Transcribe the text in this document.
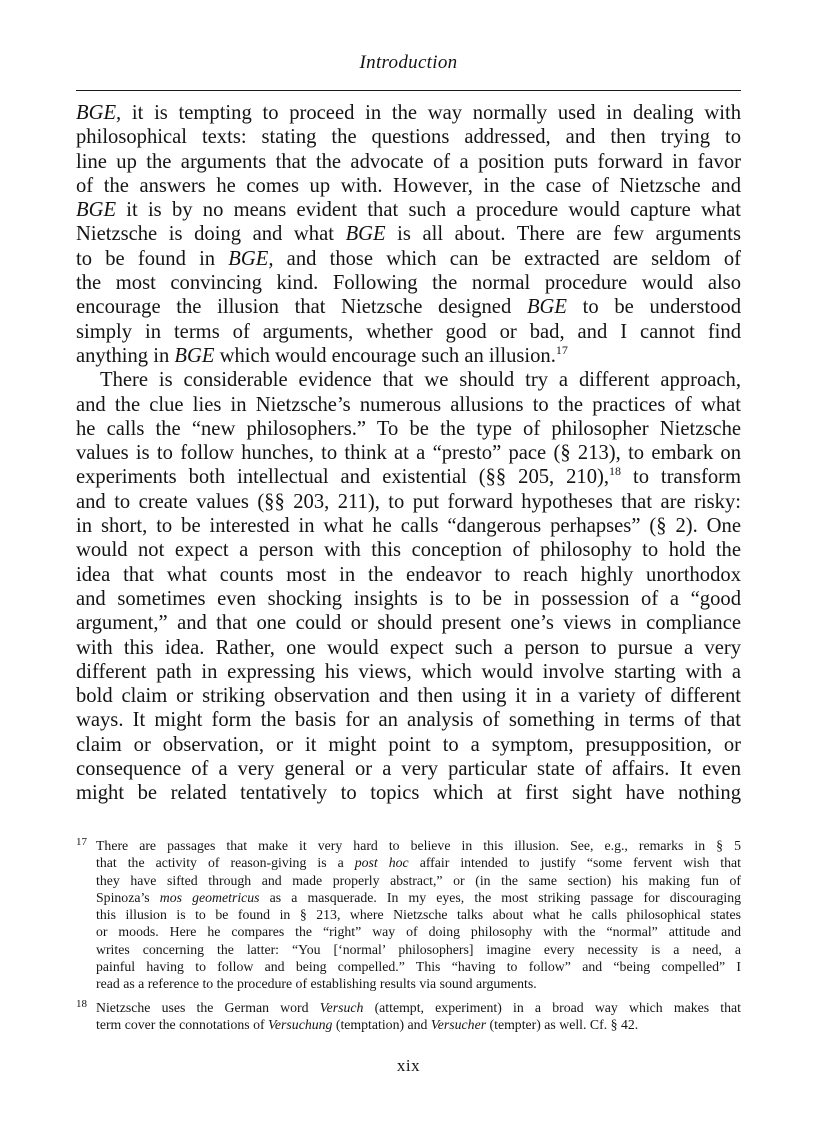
Introduction
BGE, it is tempting to proceed in the way normally used in dealing with
philosophical texts: stating the questions addressed, and then trying to
line up the arguments that the advocate of a position puts forward in favor
of the answers he comes up with. However, in the case of Nietzsche and
BGE it is by no means evident that such a procedure would capture what
Nietzsche is doing and what BGE is all about. There are few arguments
to be found in BGE, and those which can be extracted are seldom of
the most convincing kind. Following the normal procedure would also
encourage the illusion that Nietzsche designed BGE to be understood
simply in terms of arguments, whether good or bad, and I cannot find
anything in BGE which would encourage such an illusion.$^{17}$
There is considerable evidence that we should try a different approach,
and the clue lies in Nietzsche’s numerous allusions to the practices of what
he calls the “new philosophers.” To be the type of philosopher Nietzsche
values is to follow hunches, to think at a “presto” pace (§ 213), to embark on
experiments both intellectual and existential (§§ 205, 210),$^{18}$ to transform
and to create values (§§ 203, 211), to put forward hypotheses that are risky:
in short, to be interested in what he calls “dangerous perhapses” (§ 2). One
would not expect a person with this conception of philosophy to hold the
idea that what counts most in the endeavor to reach highly unorthodox
and sometimes even shocking insights is to be in possession of a “good
argument,” and that one could or should present one’s views in compliance
with this idea. Rather, one would expect such a person to pursue a very
different path in expressing his views, which would involve starting with a
bold claim or striking observation and then using it in a variety of different
ways. It might form the basis for an analysis of something in terms of that
claim or observation, or it might point to a symptom, presupposition, or
consequence of a very general or a very particular state of affairs. It even
might be related tentatively to topics which at first sight have nothing
17 There are passages that make it very hard to believe in this illusion. See, e.g., remarks in § 5
that the activity of reason-giving is a post hoc affair intended to justify “some fervent wish that
they have sifted through and made properly abstract,” or (in the same section) his making fun of
Spinoza’s mos geometricus as a masquerade. In my eyes, the most striking passage for discouraging
this illusion is to be found in § 213, where Nietzsche talks about what he calls philosophical states
or moods. Here he compares the “right” way of doing philosophy with the “normal” attitude and
writes concerning the latter: “You [‘normal’ philosophers] imagine every necessity is a need, a
painful having to follow and being compelled.” This “having to follow” and “being compelled” I
read as a reference to the procedure of establishing results via sound arguments.
18 Nietzsche uses the German word Versuch (attempt, experiment) in a broad way which makes that
term cover the connotations of Versuchung (temptation) and Versucher (tempter) as well. Cf. § 42.
xix
